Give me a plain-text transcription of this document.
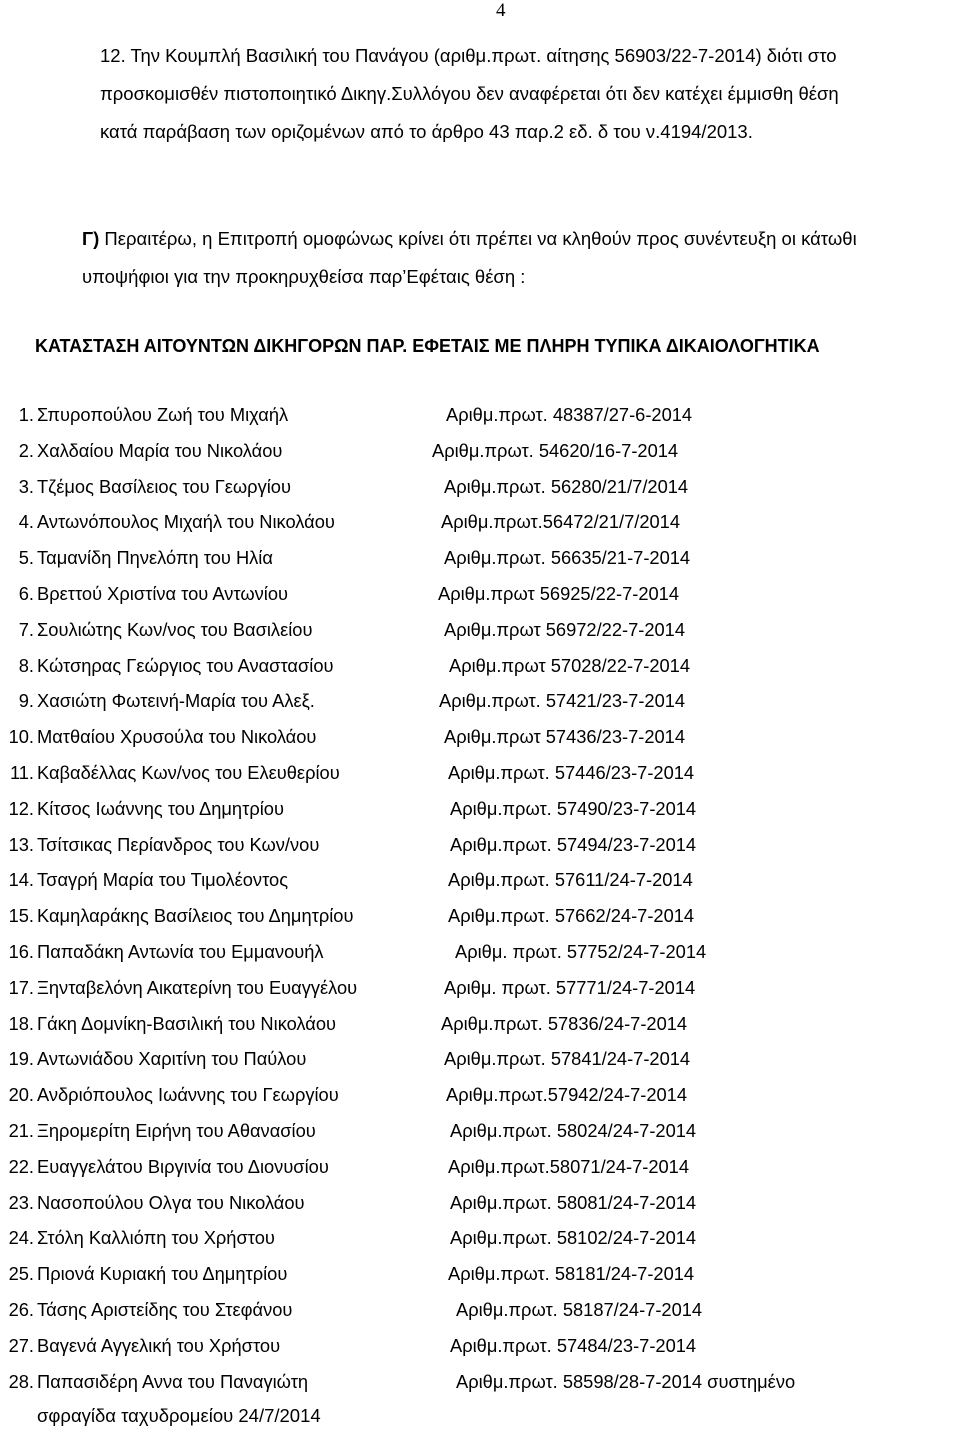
4
12. Την Κουμπλή Βασιλική του Πανάγου (αριθμ.πρωτ. αίτησης 56903/22-7-2014) διότι στο
προσκομισθέν πιστοποιητικό Δικηγ.Συλλόγου δεν αναφέρεται ότι δεν κατέχει έμμισθη θέση
κατά παράβαση των οριζομένων από το άρθρο 43 παρ.2 εδ. δ του ν.4194/2013.
Γ) Περαιτέρω, η Επιτροπή ομοφώνως κρίνει ότι πρέπει να κληθούν προς συνέντευξη οι κάτωθι
υποψήφιοι για την προκηρυχθείσα παρ’Εφέταις θέση :
ΚΑΤΑΣΤΑΣΗ ΑΙΤΟΥΝΤΩΝ ΔΙΚΗΓΟΡΩΝ ΠΑΡ. ΕΦΕΤΑΙΣ ΜΕ ΠΛΗΡΗ ΤΥΠΙΚΑ ΔΙΚΑΙΟΛΟΓΗΤΙΚΑ
1. Σπυροπούλου Ζωή του Μιχαήλ	Αριθμ.πρωτ. 48387/27-6-2014
2. Χαλδαίου Μαρία του Νικολάου	Αριθμ.πρωτ. 54620/16-7-2014
3. Τζέμος Βασίλειος του Γεωργίου	Αριθμ.πρωτ. 56280/21/7/2014
4. Αντωνόπουλος Μιχαήλ του Νικολάου	Αριθμ.πρωτ.56472/21/7/2014
5. Ταμανίδη Πηνελόπη του Ηλία	Αριθμ.πρωτ. 56635/21-7-2014
6. Βρεττού Χριστίνα του Αντωνίου	Αριθμ.πρωτ 56925/22-7-2014
7. Σουλιώτης Κων/νος του Βασιλείου	Αριθμ.πρωτ 56972/22-7-2014
8. Κώτσηρας Γεώργιος του Αναστασίου	Αριθμ.πρωτ 57028/22-7-2014
9. Χασιώτη Φωτεινή-Μαρία του Αλεξ.	Αριθμ.πρωτ. 57421/23-7-2014
10. Ματθαίου Χρυσούλα του Νικολάου	Αριθμ.πρωτ 57436/23-7-2014
11. Καβαδέλλας Κων/νος του Ελευθερίου	Αριθμ.πρωτ. 57446/23-7-2014
12. Κίτσος Ιωάννης του Δημητρίου	Αριθμ.πρωτ. 57490/23-7-2014
13. Τσίτσικας Περίανδρος του Κων/νου	Αριθμ.πρωτ. 57494/23-7-2014
14. Τσαγρή Μαρία του Τιμολέοντος	Αριθμ.πρωτ. 57611/24-7-2014
15. Καμηλαράκης Βασίλειος του Δημητρίου	Αριθμ.πρωτ. 57662/24-7-2014
16. Παπαδάκη Αντωνία του Εμμανουήλ	Αριθμ. πρωτ. 57752/24-7-2014
17. Ξηνταβελόνη Αικατερίνη του Ευαγγέλου	Αριθμ. πρωτ. 57771/24-7-2014
18. Γάκη Δομνίκη-Βασιλική του Νικολάου	Αριθμ.πρωτ. 57836/24-7-2014
19. Αντωνιάδου Χαριτίνη του Παύλου	Αριθμ.πρωτ. 57841/24-7-2014
20. Ανδριόπουλος Ιωάννης του Γεωργίου	Αριθμ.πρωτ.57942/24-7-2014
21. Ξηρομερίτη Ειρήνη του Αθανασίου	Αριθμ.πρωτ. 58024/24-7-2014
22. Ευαγγελάτου Βιργινία του Διονυσίου	Αριθμ.πρωτ.58071/24-7-2014
23. Νασοπούλου Ολγα του Νικολάου	Αριθμ.πρωτ. 58081/24-7-2014
24. Στόλη Καλλιόπη του Χρήστου	Αριθμ.πρωτ. 58102/24-7-2014
25. Πριονά Κυριακή του Δημητρίου	Αριθμ.πρωτ. 58181/24-7-2014
26. Τάσης Αριστείδης του Στεφάνου	Αριθμ.πρωτ. 58187/24-7-2014
27. Βαγενά Αγγελική του Χρήστου	Αριθμ.πρωτ. 57484/23-7-2014
28. Παπασιδέρη Αννα του Παναγιώτη	Αριθμ.πρωτ. 58598/28-7-2014 συστημένο
σφραγίδα ταχυδρομείου 24/7/2014
